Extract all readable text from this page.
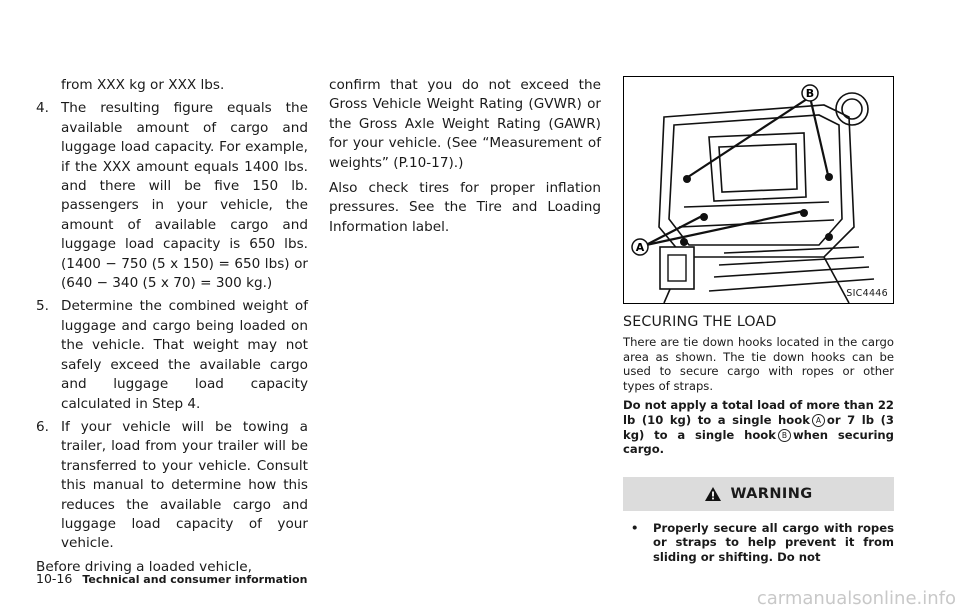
from XXX kg or XXX lbs.

4. The resulting figure equals the available amount of cargo and luggage load capacity. For example, if the XXX amount equals 1400 lbs. and there will be five 150 lb. passengers in your vehicle, the amount of available cargo and luggage load capacity is 650 lbs. (1400 − 750 (5 x 150) = 650 lbs) or (640 − 340 (5 x 70) = 300 kg.)
5. Determine the combined weight of luggage and cargo being loaded on the vehicle. That weight may not safely exceed the available cargo and luggage load capacity calculated in Step 4.
6. If your vehicle will be towing a trailer, load from your trailer will be transferred to your vehicle. Consult this manual to determine how this reduces the available cargo and luggage load capacity of your vehicle.

Before driving a loaded vehicle,

confirm that you do not exceed the Gross Vehicle Weight Rating (GVWR) or the Gross Axle Weight Rating (GAWR) for your vehicle. (See “Measurement of weights” (P.10-17).)

Also check tires for proper inflation pressures. See the Tire and Loading Information label.

B
A
SIC4446
SECURING THE LOAD

There are tie down hooks located in the cargo area as shown. The tie down hooks can be used to secure cargo with ropes or other types of straps.

Do not apply a total load of more than 22 lb (10 kg) to a single hook A or 7 lb (3 kg) to a single hook B when securing cargo.

WARNING
•	Properly secure all cargo with ropes or straps to help prevent it from sliding or shifting. Do not
10-16 Technical and consumer information
carmanualsonline.info
